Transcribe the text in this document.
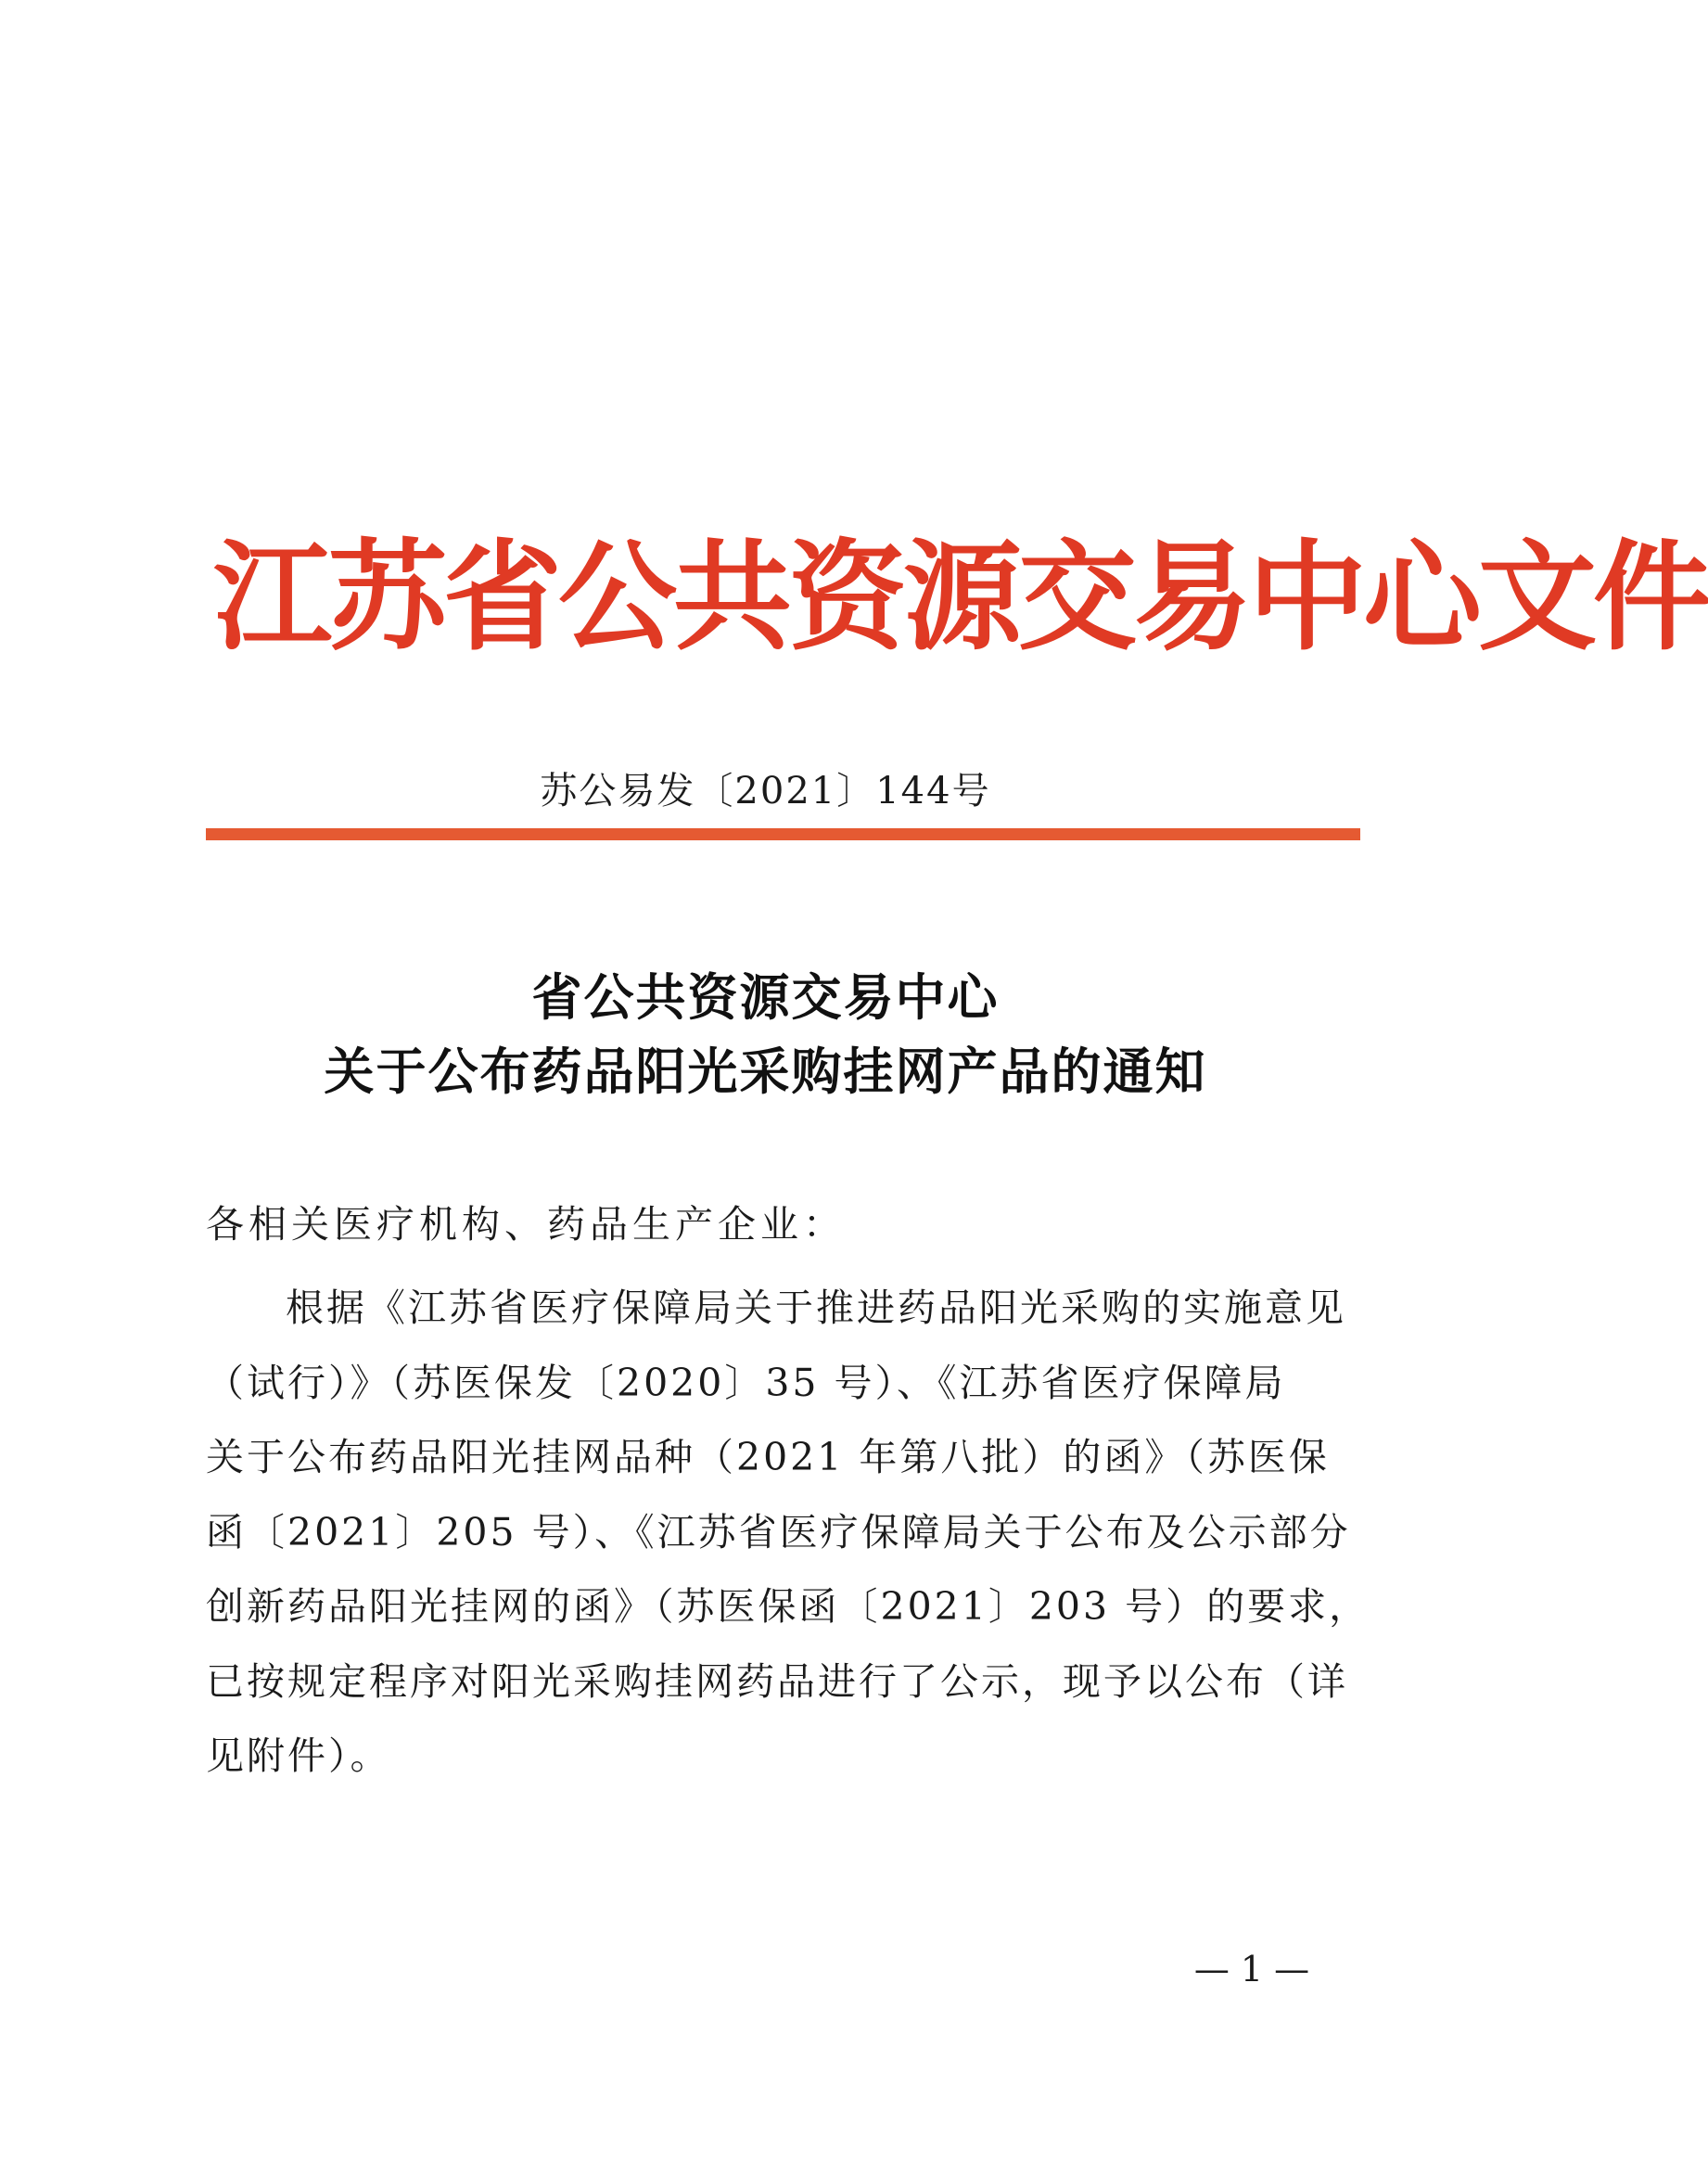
江苏省公共资源交易中心文件
苏公易发〔2021〕144号
省公共资源交易中心
关于公布药品阳光采购挂网产品的通知
各相关医疗机构、药品生产企业：
根据《江苏省医疗保障局关于推进药品阳光采购的实施意见
（试行）》（苏医保发〔2020〕35 号）、《江苏省医疗保障局
关于公布药品阳光挂网品种（2021 年第八批）的函》（苏医保
函〔2021〕205 号）、《江苏省医疗保障局关于公布及公示部分
创新药品阳光挂网的函》（苏医保函〔2021〕203 号）的要求，
已按规定程序对阳光采购挂网药品进行了公示，现予以公布（详
见附件）。
— 1 —
